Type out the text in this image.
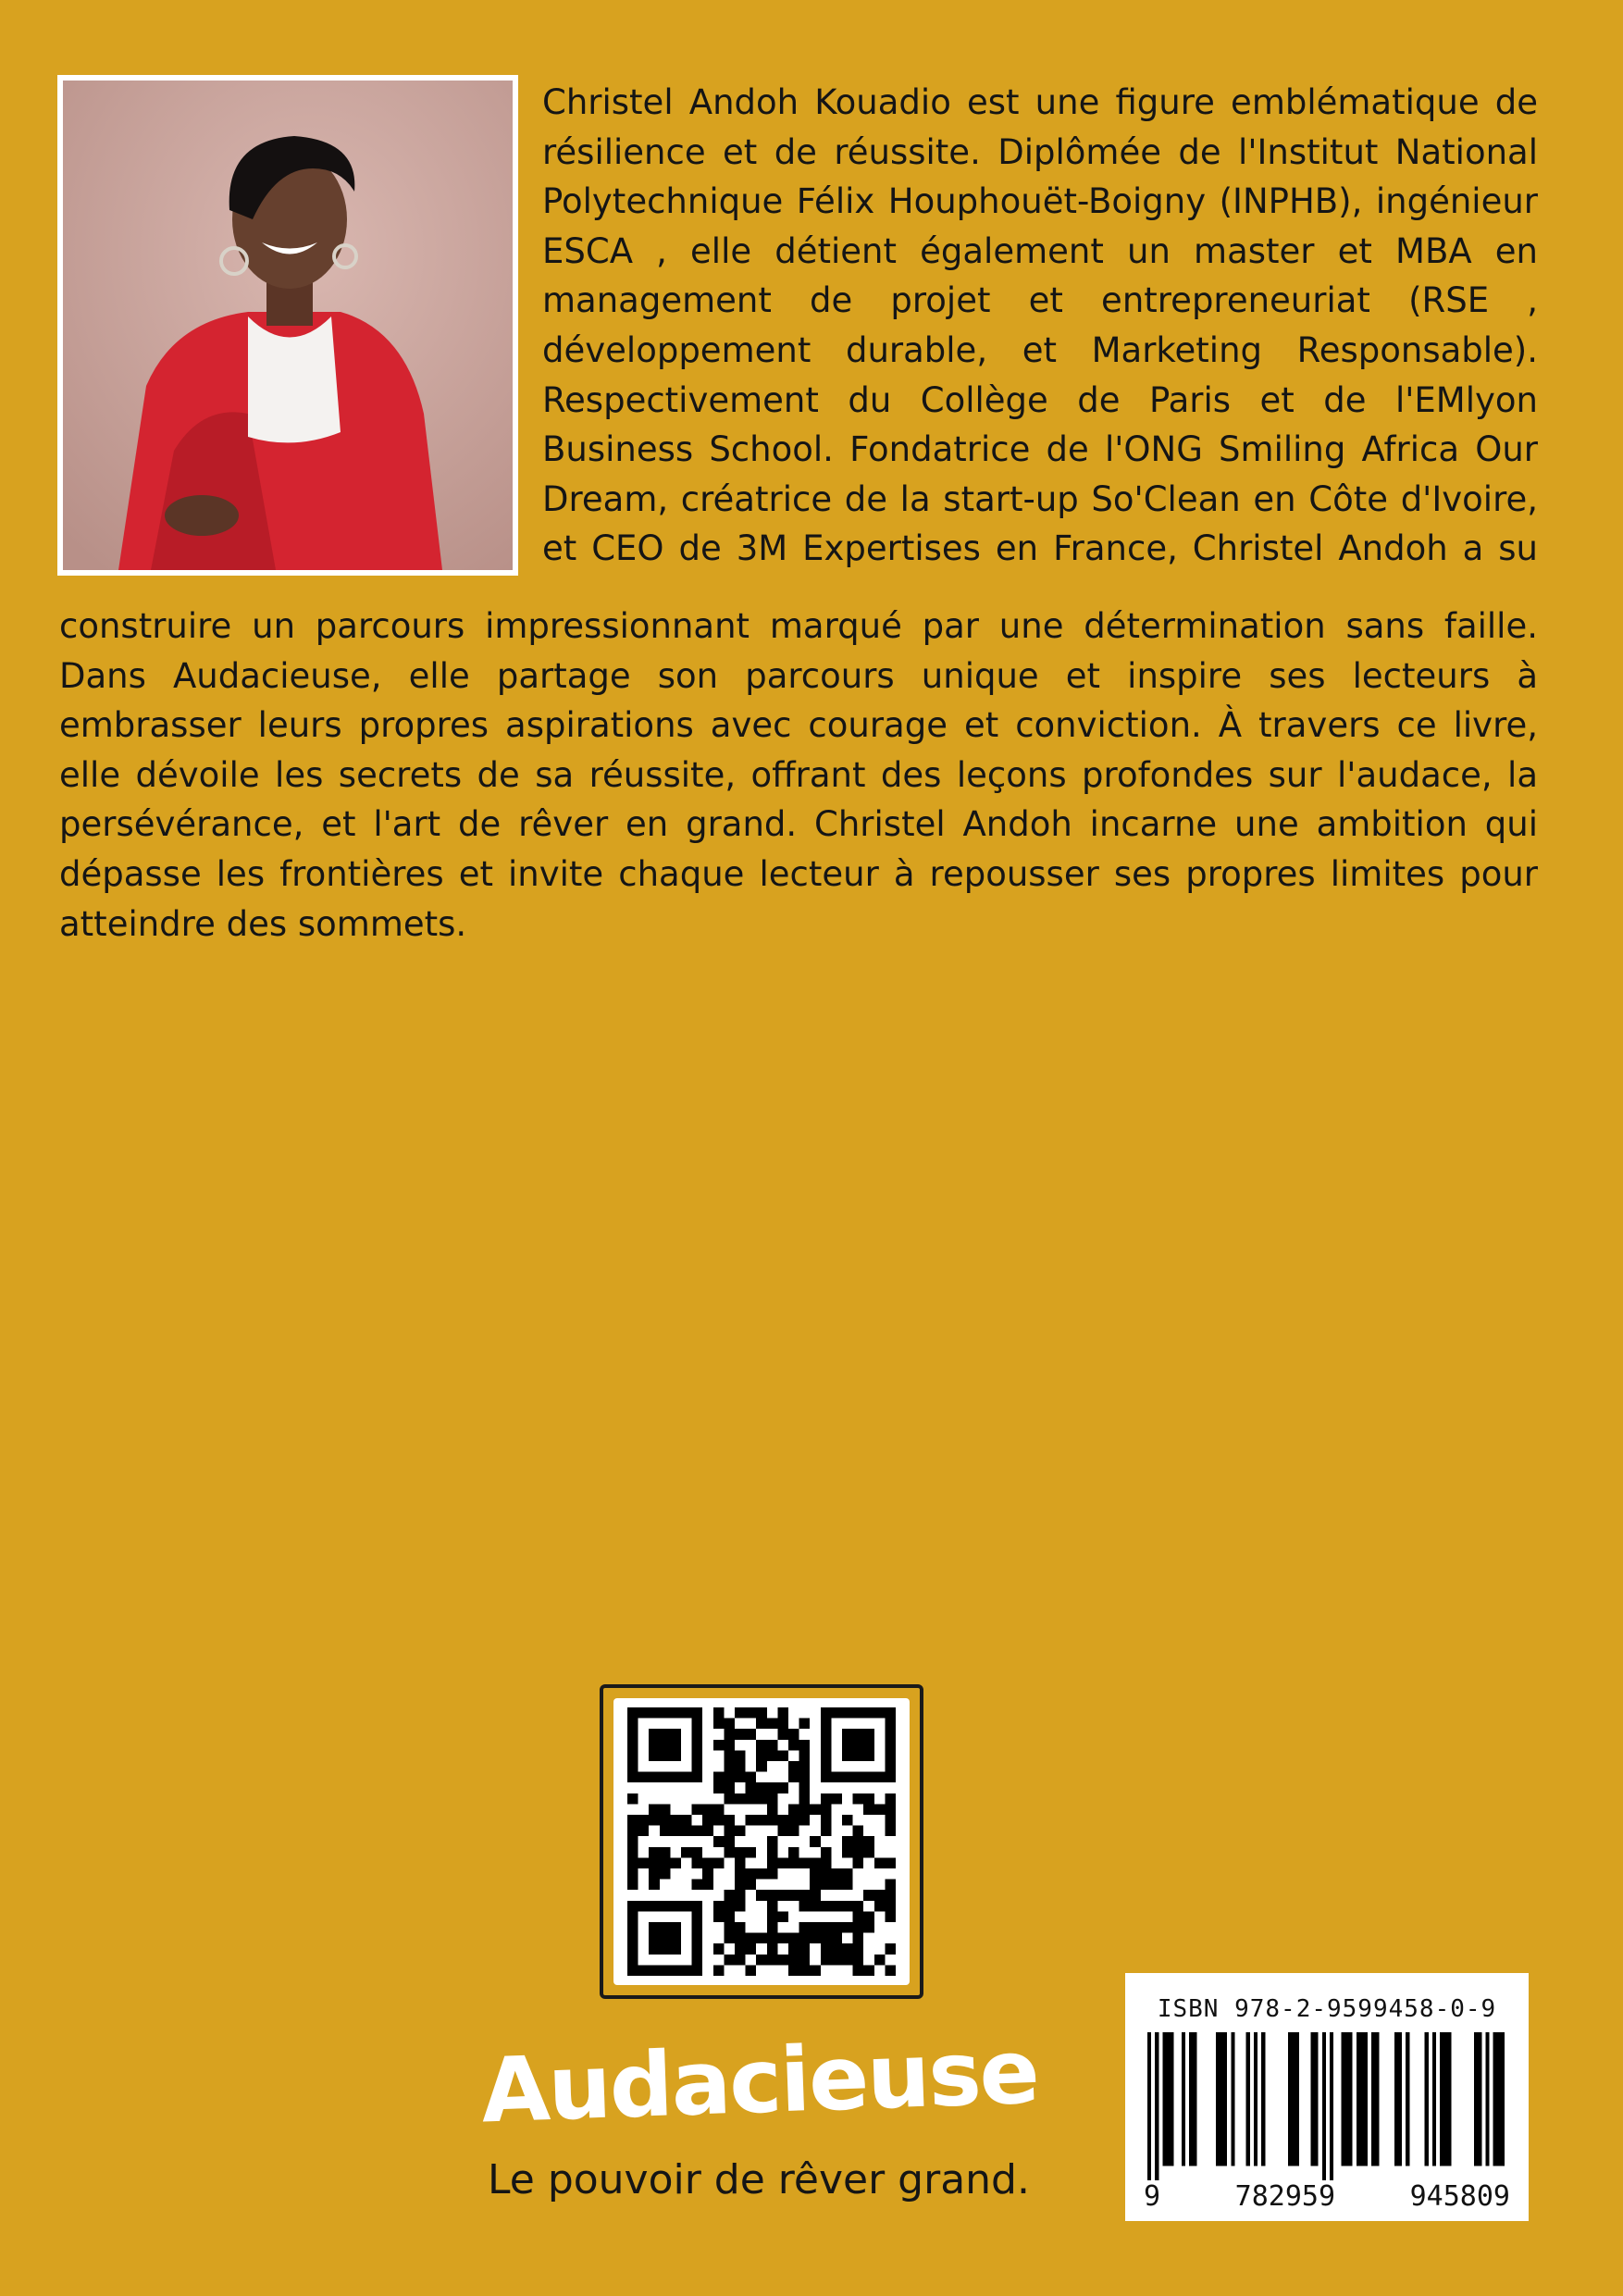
Christel Andoh Kouadio est une figure emblématique de résilience et de réussite. Diplômée de l'Institut National Polytechnique Félix Houphouët-Boigny (INPHB), ingénieur ESCA , elle détient également un master et MBA en management de projet et entrepreneuriat (RSE , développement durable, et Marketing Responsable). Respectivement du Collège de Paris et de l'EMlyon Business School. Fondatrice de l'ONG Smiling Africa Our Dream, créatrice de la start-up So'Clean en Côte d'Ivoire, et CEO de 3M Expertises en France, Christel Andoh a su

construire un parcours impressionnant marqué par une détermination sans faille. Dans Audacieuse, elle partage son parcours unique et inspire ses lecteurs à embrasser leurs propres aspirations avec courage et conviction. À travers ce livre, elle dévoile les secrets de sa réussite, offrant des leçons profondes sur l'audace, la persévérance, et l'art de rêver en grand. Christel Andoh incarne une ambition qui dépasse les frontières et invite chaque lecteur à repousser ses propres limites pour atteindre des sommets.

ISBN 978-2-9599458-0-9
9	782959	945809
Audacieuse
Le pouvoir de rêver grand.
